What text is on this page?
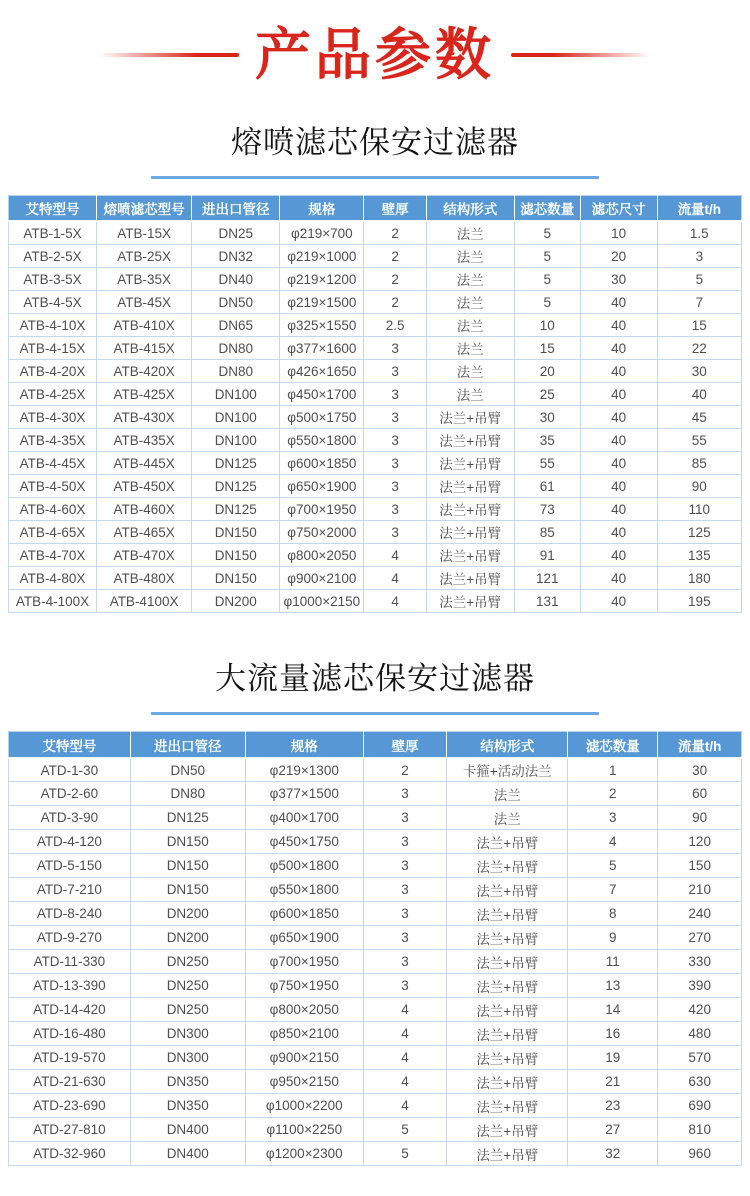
产品参数
熔喷滤芯保安过滤器
艾特型号	熔喷滤芯型号	进出口管径	规格	壁厚	结构形式	滤芯数量	滤芯尺寸	流量t/h
ATB-1-5X	ATB-15X	DN25	φ219×700	2	法兰	5	10	1.5
ATB-2-5X	ATB-25X	DN32	φ219×1000	2	法兰	5	20	3
ATB-3-5X	ATB-35X	DN40	φ219×1200	2	法兰	5	30	5
ATB-4-5X	ATB-45X	DN50	φ219×1500	2	法兰	5	40	7
ATB-4-10X	ATB-410X	DN65	φ325×1550	2.5	法兰	10	40	15
ATB-4-15X	ATB-415X	DN80	φ377×1600	3	法兰	15	40	22
ATB-4-20X	ATB-420X	DN80	φ426×1650	3	法兰	20	40	30
ATB-4-25X	ATB-425X	DN100	φ450×1700	3	法兰	25	40	40
ATB-4-30X	ATB-430X	DN100	φ500×1750	3	法兰+吊臂	30	40	45
ATB-4-35X	ATB-435X	DN100	φ550×1800	3	法兰+吊臂	35	40	55
ATB-4-45X	ATB-445X	DN125	φ600×1850	3	法兰+吊臂	55	40	85
ATB-4-50X	ATB-450X	DN125	φ650×1900	3	法兰+吊臂	61	40	90
ATB-4-60X	ATB-460X	DN125	φ700×1950	3	法兰+吊臂	73	40	110
ATB-4-65X	ATB-465X	DN150	φ750×2000	3	法兰+吊臂	85	40	125
ATB-4-70X	ATB-470X	DN150	φ800×2050	4	法兰+吊臂	91	40	135
ATB-4-80X	ATB-480X	DN150	φ900×2100	4	法兰+吊臂	121	40	180
ATB-4-100X	ATB-4100X	DN200	φ1000×2150	4	法兰+吊臂	131	40	195
大流量滤芯保安过滤器
艾特型号	进出口管径	规格	壁厚	结构形式	滤芯数量	流量t/h
ATD-1-30	DN50	φ219×1300	2	卡箍+活动法兰	1	30
ATD-2-60	DN80	φ377×1500	3	法兰	2	60
ATD-3-90	DN125	φ400×1700	3	法兰	3	90
ATD-4-120	DN150	φ450×1750	3	法兰+吊臂	4	120
ATD-5-150	DN150	φ500×1800	3	法兰+吊臂	5	150
ATD-7-210	DN150	φ550×1800	3	法兰+吊臂	7	210
ATD-8-240	DN200	φ600×1850	3	法兰+吊臂	8	240
ATD-9-270	DN200	φ650×1900	3	法兰+吊臂	9	270
ATD-11-330	DN250	φ700×1950	3	法兰+吊臂	11	330
ATD-13-390	DN250	φ750×1950	3	法兰+吊臂	13	390
ATD-14-420	DN250	φ800×2050	4	法兰+吊臂	14	420
ATD-16-480	DN300	φ850×2100	4	法兰+吊臂	16	480
ATD-19-570	DN300	φ900×2150	4	法兰+吊臂	19	570
ATD-21-630	DN350	φ950×2150	4	法兰+吊臂	21	630
ATD-23-690	DN350	φ1000×2200	4	法兰+吊臂	23	690
ATD-27-810	DN400	φ1100×2250	5	法兰+吊臂	27	810
ATD-32-960	DN400	φ1200×2300	5	法兰+吊臂	32	960
